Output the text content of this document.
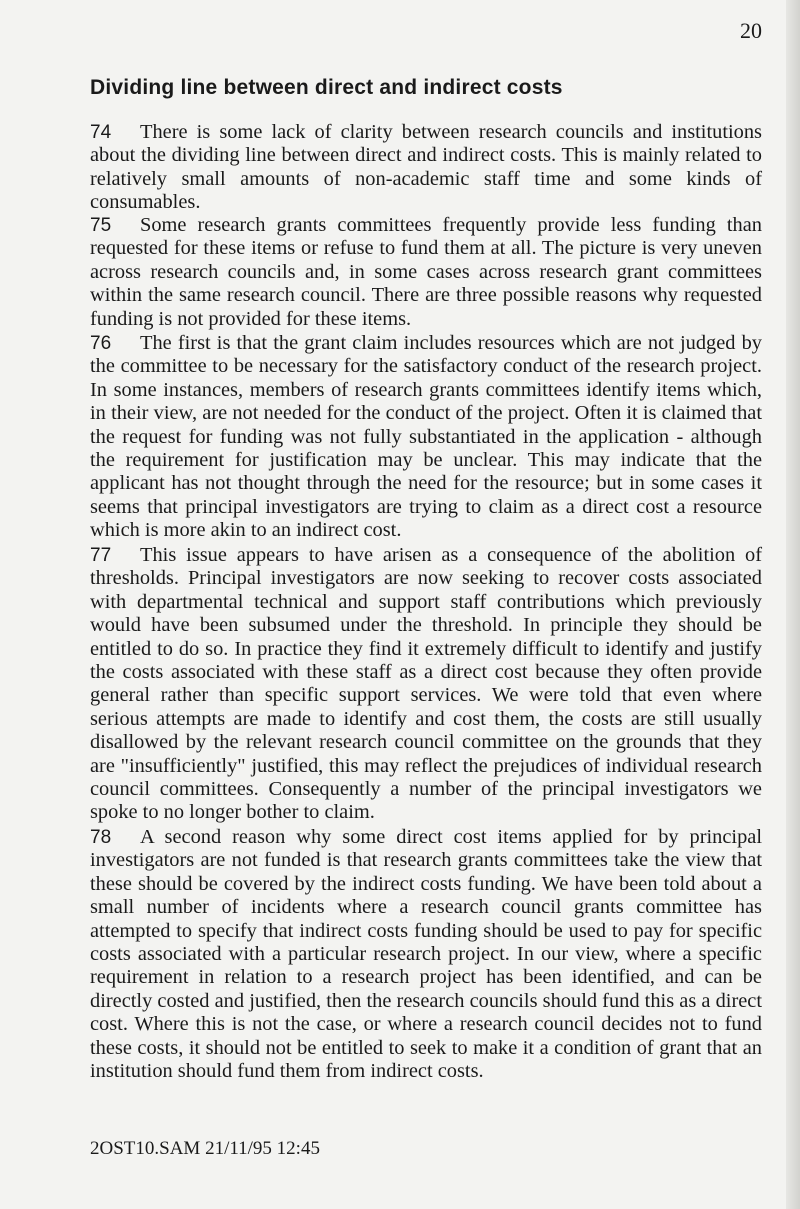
20
Dividing line between direct and indirect costs

74 There is some lack of clarity between research councils and institutions about the dividing line between direct and indirect costs. This is mainly related to relatively small amounts of non-academic staff time and some kinds of consumables.

75 Some research grants committees frequently provide less funding than requested for these items or refuse to fund them at all. The picture is very uneven across research councils and, in some cases across research grant committees within the same research council. There are three possible reasons why requested funding is not provided for these items.

76 The first is that the grant claim includes resources which are not judged by the committee to be necessary for the satisfactory conduct of the research project. In some instances, members of research grants committees identify items which, in their view, are not needed for the conduct of the project. Often it is claimed that the request for funding was not fully substantiated in the application - although the requirement for justification may be unclear. This may indicate that the applicant has not thought through the need for the resource; but in some cases it seems that principal investigators are trying to claim as a direct cost a resource which is more akin to an indirect cost.

77 This issue appears to have arisen as a consequence of the abolition of thresholds. Principal investigators are now seeking to recover costs associated with departmental technical and support staff contributions which previously would have been subsumed under the threshold. In principle they should be entitled to do so. In practice they find it extremely difficult to identify and justify the costs associated with these staff as a direct cost because they often provide general rather than specific support services. We were told that even where serious attempts are made to identify and cost them, the costs are still usually disallowed by the relevant research council committee on the grounds that they are "insufficiently" justified, this may reflect the prejudices of individual research council committees. Consequently a number of the principal investigators we spoke to no longer bother to claim.

78 A second reason why some direct cost items applied for by principal investigators are not funded is that research grants committees take the view that these should be covered by the indirect costs funding. We have been told about a small number of incidents where a research council grants committee has attempted to specify that indirect costs funding should be used to pay for specific costs associated with a particular research project. In our view, where a specific requirement in relation to a research project has been identified, and can be directly costed and justified, then the research councils should fund this as a direct cost. Where this is not the case, or where a research council decides not to fund these costs, it should not be entitled to seek to make it a condition of grant that an institution should fund them from indirect costs.

2OST10.SAM 21/11/95 12:45
